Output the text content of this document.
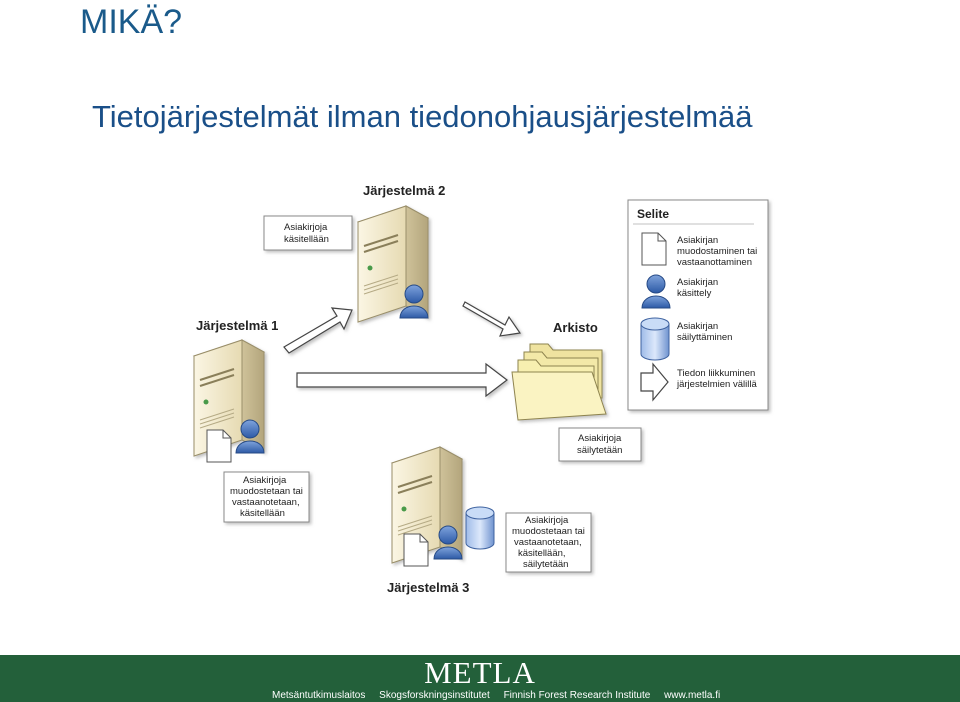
MIKÄ?
Tietojärjestelmät ilman tiedonohjausjärjestelmää
Järjestelmä 2
Asiakirjoja
käsitellään
Järjestelmä 1
Asiakirjoja
muodostetaan tai
vastaanotetaan,
käsitellään
Järjestelmä 3
Asiakirjoja
muodostetaan tai
vastaanotetaan,
käsitellään,
säilytetään
Arkisto
Asiakirjoja
säilytetään
Selite
Asiakirjan
muodostaminen tai
vastaanottaminen
Asiakirjan
käsittely
Asiakirjan
säilyttäminen
Tiedon liikkuminen
järjestelmien välillä
METLA
Metsäntutkimuslaitos Skogsforskningsinstitutet Finnish Forest Research Institute www.metla.fi
